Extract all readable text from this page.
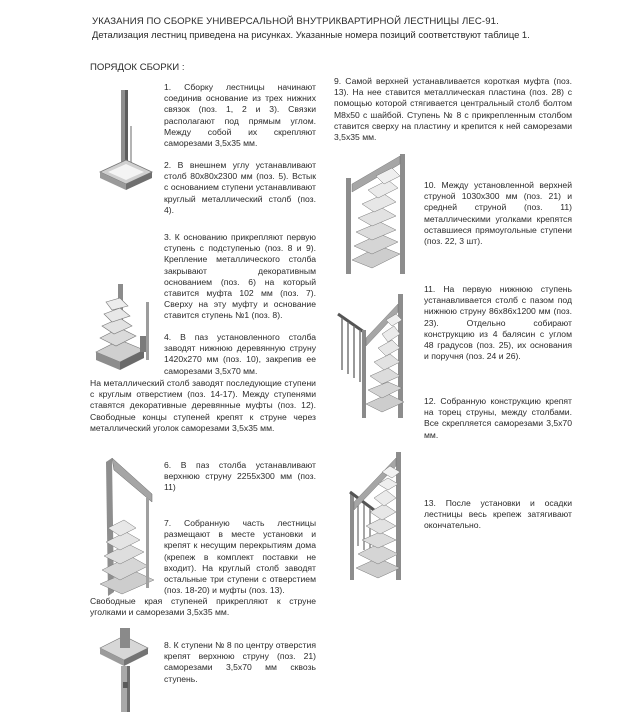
УКАЗАНИЯ ПО СБОРКЕ УНИВЕРСАЛЬНОЙ ВНУТРИКВАРТИРНОЙ ЛЕСТНИЦЫ ЛЕС-91.
Детализация лестниц приведена на рисунках. Указанные номера позиций соответствуют таблице 1.
ПОРЯДОК СБОРКИ :
1. Сборку лестницы начинают соединив основание из трех нижних связок (поз. 1, 2 и 3). Связки располагают под прямым углом. Между собой их скрепляют саморезами 3,5х35 мм.
2. В внешнем углу устанавливают столб 80х80х2300 мм (поз. 5). Встык с основанием ступени устанавливают круглый металлический столб (поз. 4).
3. К основанию прикрепляют первую ступень с подступенью (поз. 8 и 9). Крепление металлического столба закрывают декоративным основанием (поз. 6) на который ставится муфта 102 мм (поз. 7). Сверху на эту муфту и основание ставится ступень №1 (поз. 8).
4. В паз установленного столба заводят нижнюю деревянную струну 1420х270 мм (поз. 10), закрепив ее саморезами 3,5х70 мм.
На металлический столб заводят последующие ступени с круглым отверстием (поз. 14-17). Между ступенями ставятся декоративные деревянные муфты (поз. 12). Свободные концы ступеней крепят к струне через металлический уголок саморезами 3,5х35 мм.
6. В паз столба устанавливают верхнюю струну 2255х300 мм (поз. 11)
7. Собранную часть лестницы размещают в месте установки и крепят к несущим перекрытиям дома (крепеж в комплект поставки не входит). На круглый столб заводят остальные три ступени с отверстием (поз. 18-20) и муфты (поз. 13).
Свободные края ступеней прикрепляют к струне уголками и саморезами 3,5х35 мм.
8. К ступени № 8 по центру отверстия крепят верхнюю струну (поз. 21) саморезами 3,5х70 мм сквозь ступень.
9. Самой верхней устанавливается короткая муфта (поз. 13). На нее ставится металлическая пластина (поз. 28) с помощью которой стягивается центральный столб болтом М8х50 с шайбой. Ступень № 8 с прикрепленным столбом ставится сверху на пластину и крепится к ней саморезами 3,5х35 мм.
10. Между установленной верхней струной 1030х300 мм (поз. 21) и средней струной (поз. 11) металлическими уголками крепятся оставшиеся прямоугольные ступени (поз. 22, 3 шт).
11. На первую нижнюю ступень устанавливается столб с пазом под нижнюю струну 86х86х1200 мм (поз. 23). Отдельно собирают конструкцию из 4 балясин с углом 48 градусов (поз. 25), их основания и поручня (поз. 24 и 26).
12. Собранную конструкцию крепят на торец струны, между столбами. Все скрепляется саморезами 3,5х70 мм.
13. После установки и осадки лестницы весь крепеж затягивают окончательно.
